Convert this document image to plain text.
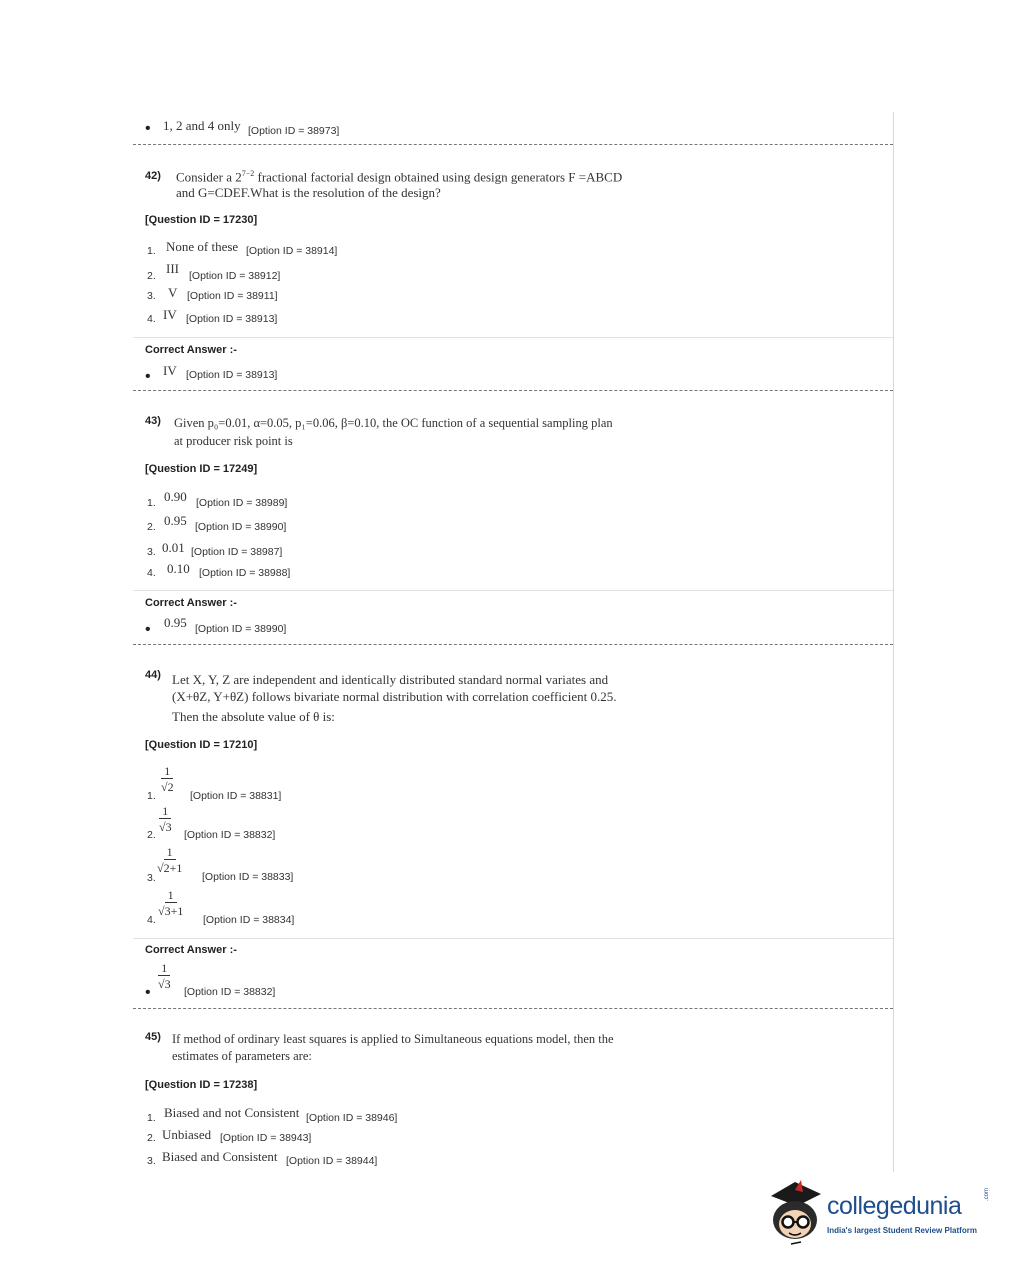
• 1, 2 and 4 only [Option ID = 38973]
42) Consider a $2^{7-2}$ fractional factorial design obtained using design generators F =ABCD
and G=CDEF.What is the resolution of the design?
[Question ID = 17230]
1. None of these [Option ID = 38914]
2. III [Option ID = 38912]
3. V [Option ID = 38911]
4. IV [Option ID = 38913]
Correct Answer :-
• IV [Option ID = 38913]
43) Given p₀=0.01, α=0.05, p₁=0.06, β=0.10, the OC function of a sequential sampling plan
at producer risk point is
[Question ID = 17249]
1. 0.90 [Option ID = 38989]
2. 0.95 [Option ID = 38990]
3. 0.01 [Option ID = 38987]
4. 0.10 [Option ID = 38988]
Correct Answer :-
• 0.95 [Option ID = 38990]
44) Let X, Y, Z are independent and identically distributed standard normal variates and
(X+θZ, Y+θZ) follows bivariate normal distribution with correlation coefficient 0.25.
Then the absolute value of θ is:
[Question ID = 17210]
1.
$\frac{1}{√2}$
[Option ID = 38831]
2.
$\frac{1}{√3}$
[Option ID = 38832]
3.
$\frac{1}{√2+1}$
[Option ID = 38833]
4.
$\frac{1}{√3+1}$
[Option ID = 38834]
Correct Answer :-
•
$\frac{1}{√3}$
[Option ID = 38832]
45) If method of ordinary least squares is applied to Simultaneous equations model, then the
estimates of parameters are:
[Question ID = 17238]
1. Biased and not Consistent [Option ID = 38946]
2. Unbiased [Option ID = 38943]
3. Biased and Consistent [Option ID = 38944]
collegedunia	.com
India's largest Student Review Platform
